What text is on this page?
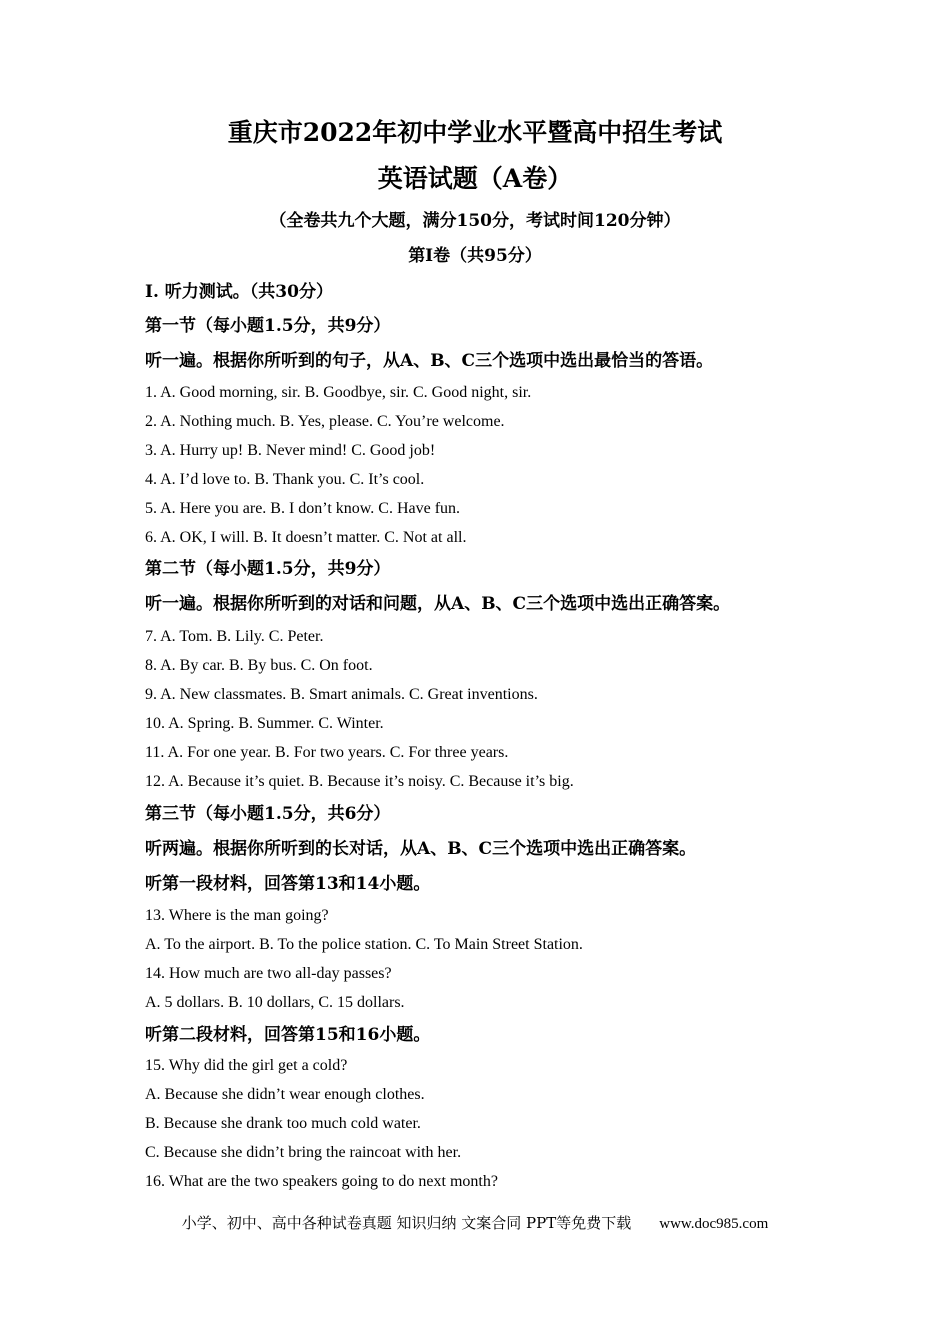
重庆市2022年初中学业水平暨高中招生考试
英语试题（A卷）
（全卷共九个大题，满分150分，考试时间120分钟）
第Ⅰ卷（共95分）
Ⅰ. 听力测试。（共30分）
第一节（每小题1.5分，共9分）
听一遍。根据你所听到的句子，从A、B、C三个选项中选出最恰当的答语。
1. A. Good morning, sir. B. Goodbye, sir. C. Good night, sir.
2. A. Nothing much. B. Yes, please. C. You’re welcome.
3. A. Hurry up! B. Never mind! C. Good job!
4. A. I’d love to. B. Thank you. C. It’s cool.
5. A. Here you are. B. I don’t know. C. Have fun.
6. A. OK, I will. B. It doesn’t matter. C. Not at all.
第二节（每小题1.5分，共9分）
听一遍。根据你所听到的对话和问题，从A、B、C三个选项中选出正确答案。
7. A. Tom. B. Lily. C. Peter.
8. A. By car. B. By bus. C. On foot.
9. A. New classmates. B. Smart animals. C. Great inventions.
10. A. Spring. B. Summer. C. Winter.
11. A. For one year. B. For two years. C. For three years.
12. A. Because it’s quiet. B. Because it’s noisy. C. Because it’s big.
第三节（每小题1.5分，共6分）
听两遍。根据你所听到的长对话，从A、B、C三个选项中选出正确答案。
听第一段材料，回答第13和14小题。
13. Where is the man going?
A. To the airport. B. To the police station. C. To Main Street Station.
14. How much are two all-day passes?
A. 5 dollars. B. 10 dollars, C. 15 dollars.
听第二段材料，回答第15和16小题。
15. Why did the girl get a cold?
A. Because she didn’t wear enough clothes.
B. Because she drank too much cold water.
C. Because she didn’t bring the raincoat with her.
16. What are the two speakers going to do next month?
小学、初中、高中各种试卷真题 知识归纳 文案合同 PPT等免费下载 www.doc985.com
